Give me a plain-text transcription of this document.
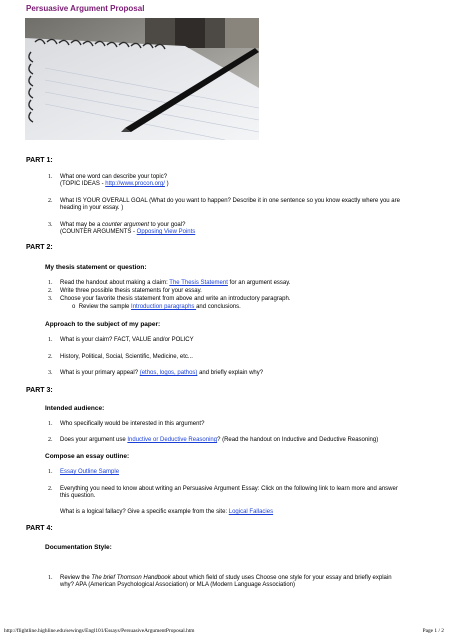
Persuasive Argument Proposal
PART 1:
1. What one word can describe your topic?
(TOPIC IDEAS - http://www.procon.org/ )
2. What IS YOUR OVERALL GOAL (What do you want to happen? Describe it in one sentence so you know exactly where you are
heading in your essay. )
3. What may be a counter argument to your goal?
(COUNTER ARGUMENTS - Opposing View Points
PART 2:
My thesis statement or question:
1. Read the handout about making a claim: The Thesis Statement for an argument essay.
2. Write three possible thesis statements for your essay.
3. Choose your favorite thesis statement from above and write an introductory paragraph.
o Review the sample Introduction paragraphs and conclusions.
Approach to the subject of my paper:
1. What is your claim? FACT, VALUE and/or POLICY
2. History, Political, Social, Scientific, Medicine, etc...
3. What is your primary appeal? (ethos, logos, pathos) and briefly explain why?
PART 3:
Intended audience:
1. Who specifically would be interested in this argument?
2. Does your argument use Inductive or Deductive Reasoning? (Read the handout on Inductive and Deductive Reasoning)
Compose an essay outline:
1. Essay Outline Sample
2. Everything you need to know about writing an Persuasive Argument Essay: Click on the following link to learn more and answer
this question.
What is a logical fallacy? Give a specific example from the site: Logical Fallacies
PART 4:
Documentation Style:
1. Review the The brief Thomson Handbook about which field of study uses Choose one style for your essay and briefly explain
why? APA (American Psychological Association) or MLA (Modern Language Association)
http://flightline.highline.edu/sewings/Engl101/Essays/PersuasiveArgumentProposal.htm	Page 1 / 2
